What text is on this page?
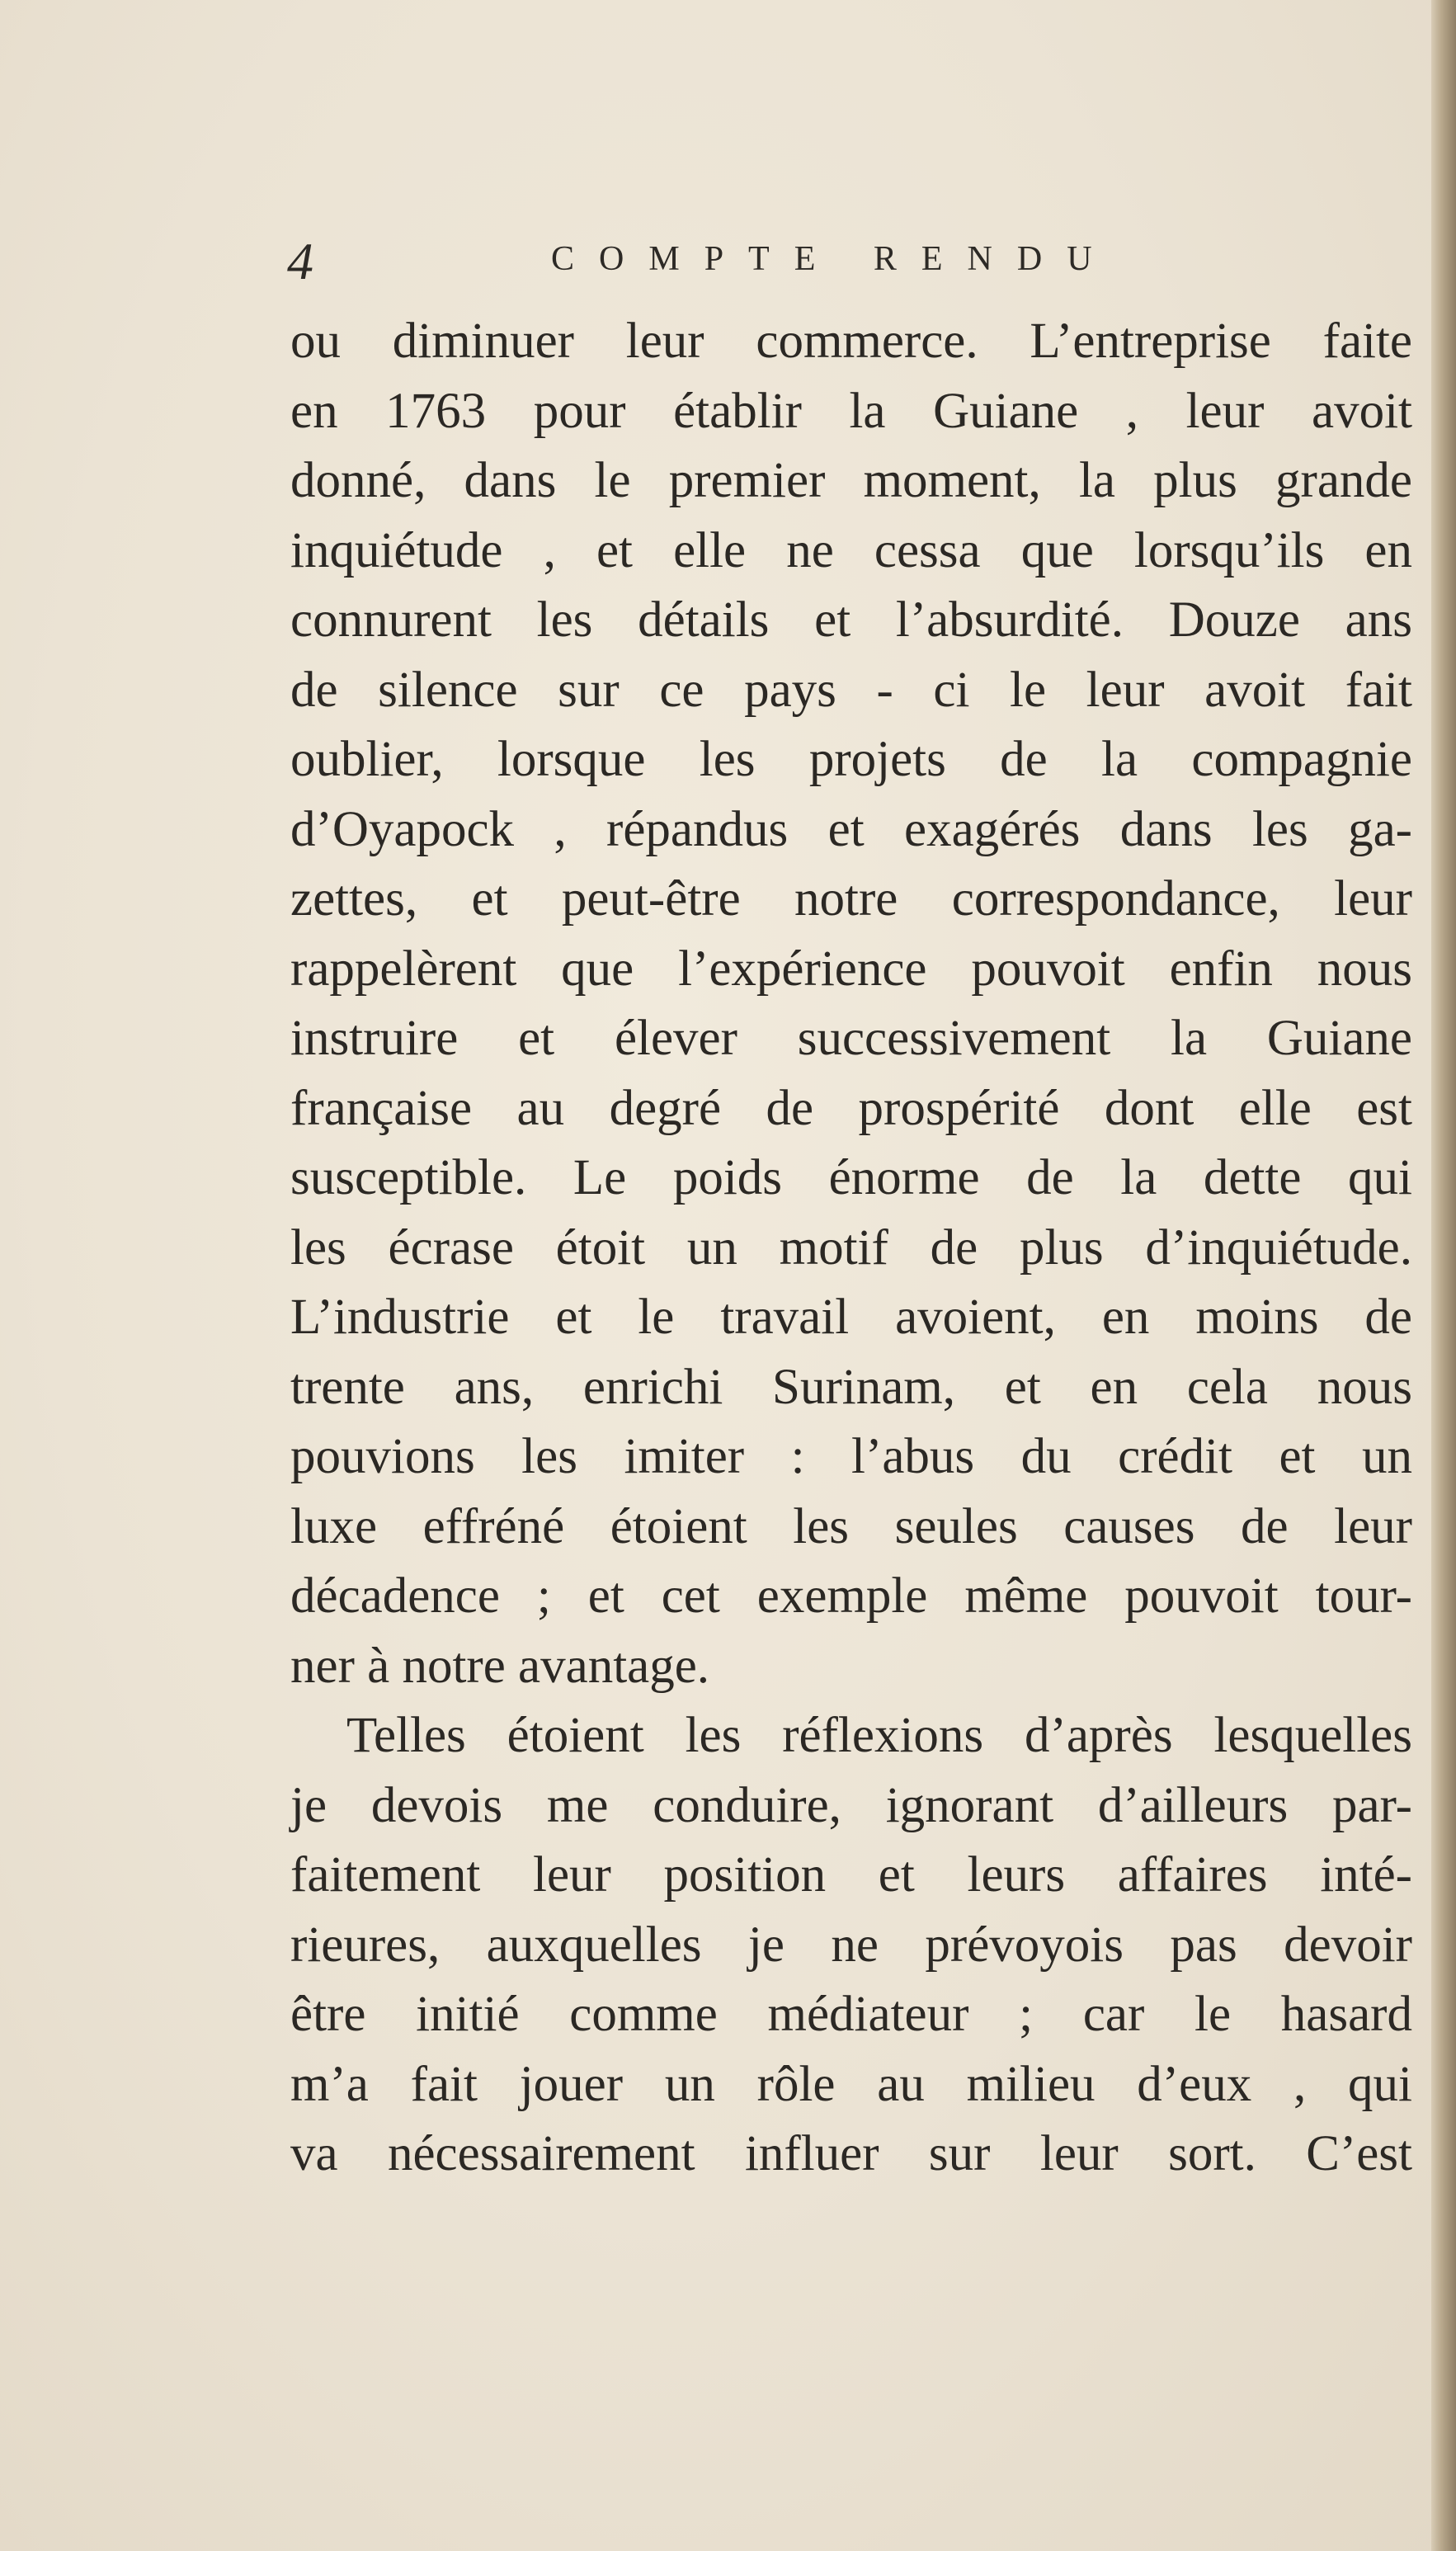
4	COMPTE RENDU
ou diminuer leur commerce. L’entreprise faite
en 1763 pour établir la Guiane , leur avoit
donné, dans le premier moment, la plus grande
inquiétude , et elle ne cessa que lorsqu’ils en
connurent les détails et l’absurdité. Douze ans
de silence sur ce pays - ci le leur avoit fait
oublier, lorsque les projets de la compagnie
d’Oyapock , répandus et exagérés dans les ga-
zettes, et peut-être notre correspondance, leur
rappelèrent que l’expérience pouvoit enfin nous
instruire et élever successivement la Guiane
française au degré de prospérité dont elle est
susceptible. Le poids énorme de la dette qui
les écrase étoit un motif de plus d’inquiétude.
L’industrie et le travail avoient, en moins de
trente ans, enrichi Surinam, et en cela nous
pouvions les imiter : l’abus du crédit et un
luxe effréné étoient les seules causes de leur
décadence ; et cet exemple même pouvoit tour-
ner à notre avantage.
Telles étoient les réflexions d’après lesquelles
je devois me conduire, ignorant d’ailleurs par-
faitement leur position et leurs affaires inté-
rieures, auxquelles je ne prévoyois pas devoir
être initié comme médiateur ; car le hasard
m’a fait jouer un rôle au milieu d’eux , qui
va nécessairement influer sur leur sort. C’est
